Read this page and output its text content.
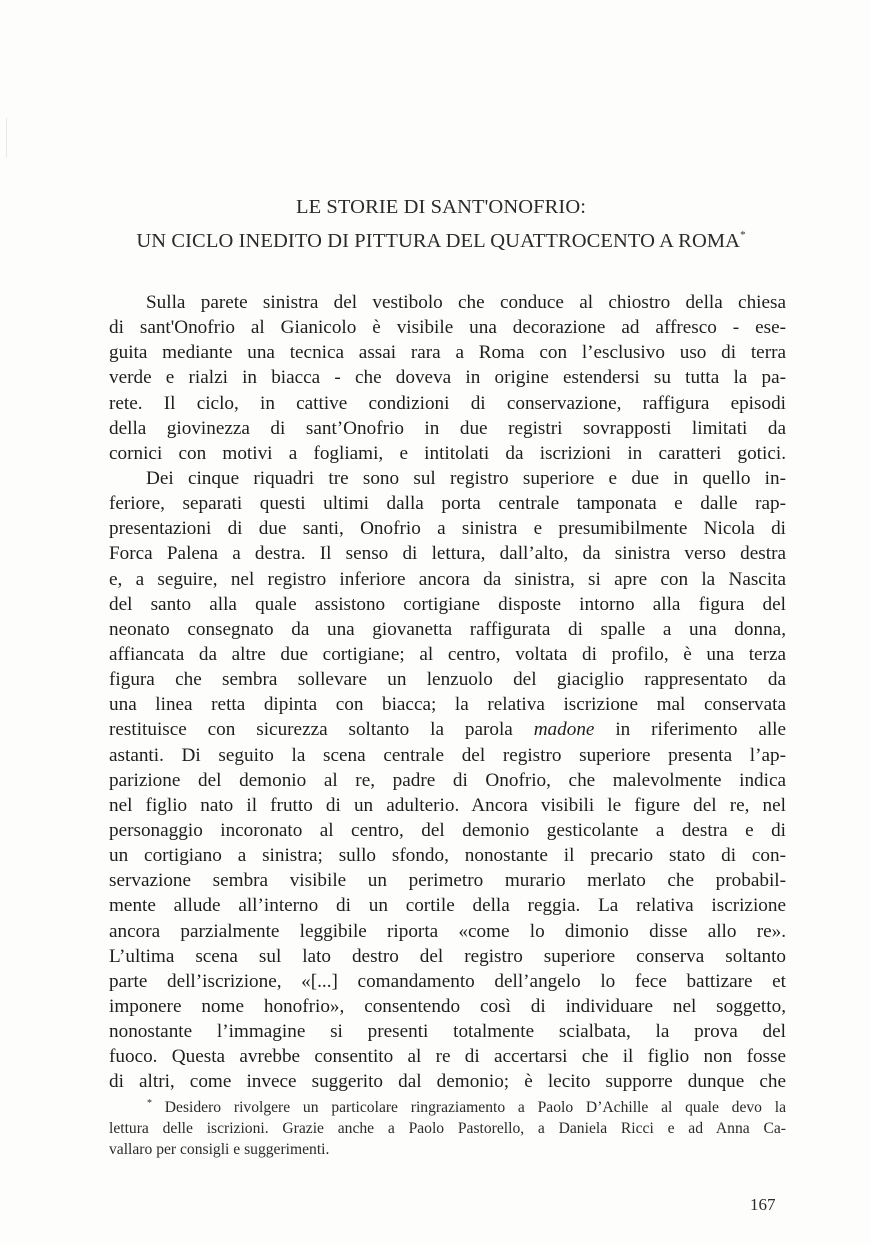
LE STORIE DI SANT'ONOFRIO:
UN CICLO INEDITO DI PITTURA DEL QUATTROCENTO A ROMA*
Sulla parete sinistra del vestibolo che conduce al chiostro della chiesa
di sant'Onofrio al Gianicolo è visibile una decorazione ad affresco - ese-
guita mediante una tecnica assai rara a Roma con l’esclusivo uso di terra
verde e rialzi in biacca - che doveva in origine estendersi su tutta la pa-
rete. Il ciclo, in cattive condizioni di conservazione, raffigura episodi
della giovinezza di sant’Onofrio in due registri sovrapposti limitati da
cornici con motivi a fogliami, e intitolati da iscrizioni in caratteri gotici.
Dei cinque riquadri tre sono sul registro superiore e due in quello in-
feriore, separati questi ultimi dalla porta centrale tamponata e dalle rap-
presentazioni di due santi, Onofrio a sinistra e presumibilmente Nicola di
Forca Palena a destra. Il senso di lettura, dall’alto, da sinistra verso destra
e, a seguire, nel registro inferiore ancora da sinistra, si apre con la Nascita
del santo alla quale assistono cortigiane disposte intorno alla figura del
neonato consegnato da una giovanetta raffigurata di spalle a una donna,
affiancata da altre due cortigiane; al centro, voltata di profilo, è una terza
figura che sembra sollevare un lenzuolo del giaciglio rappresentato da
una linea retta dipinta con biacca; la relativa iscrizione mal conservata
restituisce con sicurezza soltanto la parola madone in riferimento alle
astanti. Di seguito la scena centrale del registro superiore presenta l’ap-
parizione del demonio al re, padre di Onofrio, che malevolmente indica
nel figlio nato il frutto di un adulterio. Ancora visibili le figure del re, nel
personaggio incoronato al centro, del demonio gesticolante a destra e di
un cortigiano a sinistra; sullo sfondo, nonostante il precario stato di con-
servazione sembra visibile un perimetro murario merlato che probabil-
mente allude all’interno di un cortile della reggia. La relativa iscrizione
ancora parzialmente leggibile riporta «come lo dimonio disse allo re».
L’ultima scena sul lato destro del registro superiore conserva soltanto
parte dell’iscrizione, «[...] comandamento dell’angelo lo fece battizare et
imponere nome honofrio», consentendo così di individuare nel soggetto,
nonostante l’immagine si presenti totalmente scialbata, la prova del
fuoco. Questa avrebbe consentito al re di accertarsi che il figlio non fosse
di altri, come invece suggerito dal demonio; è lecito supporre dunque che
* Desidero rivolgere un particolare ringraziamento a Paolo D’Achille al quale devo la
lettura delle iscrizioni. Grazie anche a Paolo Pastorello, a Daniela Ricci e ad Anna Ca-
vallaro per consigli e suggerimenti.
167
